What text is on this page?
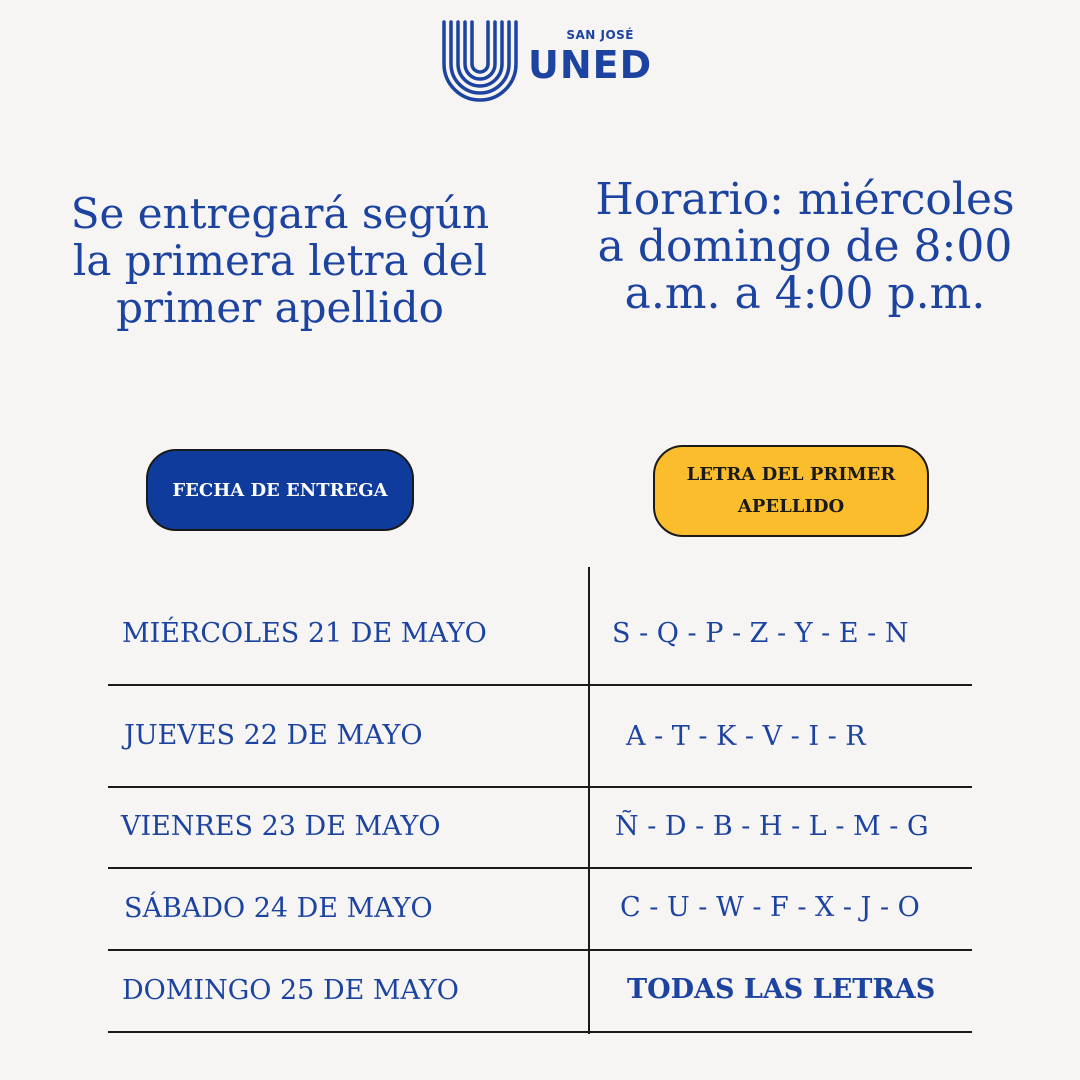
SAN JOSÉ
UNED
Se entregará según la primera letra del primer apellido
Horario: miércoles a domingo de 8:00 a.m. a 4:00 p.m.
FECHA DE ENTREGA
LETRA DEL PRIMER APELLIDO
MIÉRCOLES 21 DE MAYO	S - Q - P - Z - Y - E - N
JUEVES 22 DE MAYO	A - T - K - V - I - R
VIENRES 23 DE MAYO	Ñ - D - B - H - L - M - G
SÁBADO 24 DE MAYO	C - U - W - F - X - J - O
DOMINGO 25 DE MAYO	TODAS LAS LETRAS
